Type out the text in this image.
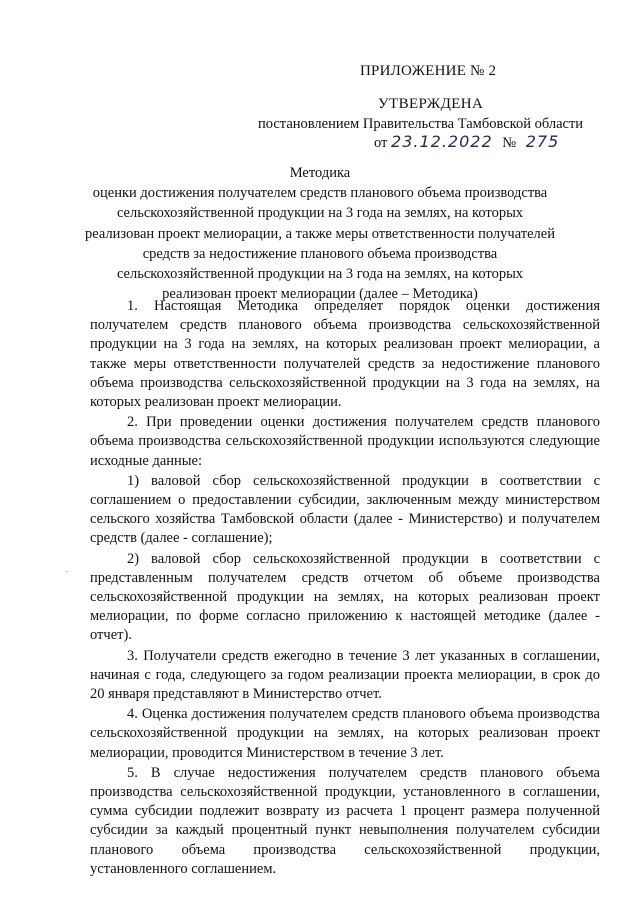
ПРИЛОЖЕНИЕ № 2
УТВЕРЖДЕНА
постановлением Правительства Тамбовской области
от 23.12.2022 № 275
Методика
оценки достижения получателем средств планового объема производства сельскохозяйственной продукции на 3 года на землях, на которых реализован проект мелиорации, а также меры ответственности получателей средств за недостижение планового объема производства сельскохозяйственной продукции на 3 года на землях, на которых реализован проект мелиорации (далее – Методика)

1. Настоящая Методика определяет порядок оценки достижения получателем средств планового объема производства сельскохозяйственной продукции на 3 года на землях, на которых реализован проект мелиорации, а также меры ответственности получателей средств за недостижение планового объема производства сельскохозяйственной продукции на 3 года на землях, на которых реализован проект мелиорации.

2. При проведении оценки достижения получателем средств планового объема производства сельскохозяйственной продукции используются следующие исходные данные:

1) валовой сбор сельскохозяйственной продукции в соответствии с соглашением о предоставлении субсидии, заключенным между министерством сельского хозяйства Тамбовской области (далее - Министерство) и получателем средств (далее - соглашение);

2) валовой сбор сельскохозяйственной продукции в соответствии с представленным получателем средств отчетом об объеме производства сельскохозяйственной продукции на землях, на которых реализован проект мелиорации, по форме согласно приложению к настоящей методике (далее - отчет).

3. Получатели средств ежегодно в течение 3 лет указанных в соглашении, начиная с года, следующего за годом реализации проекта мелиорации, в срок до 20 января представляют в Министерство отчет.

4. Оценка достижения получателем средств планового объема производства сельскохозяйственной продукции на землях, на которых реализован проект мелиорации, проводится Министерством в течение 3 лет.

5. В случае недостижения получателем средств планового объема производства сельскохозяйственной продукции, установленного в соглашении, сумма субсидии подлежит возврату из расчета 1 процент размера полученной субсидии за каждый процентный пункт невыполнения получателем субсидии планового объема производства сельскохозяйственной продукции, установленного соглашением.
